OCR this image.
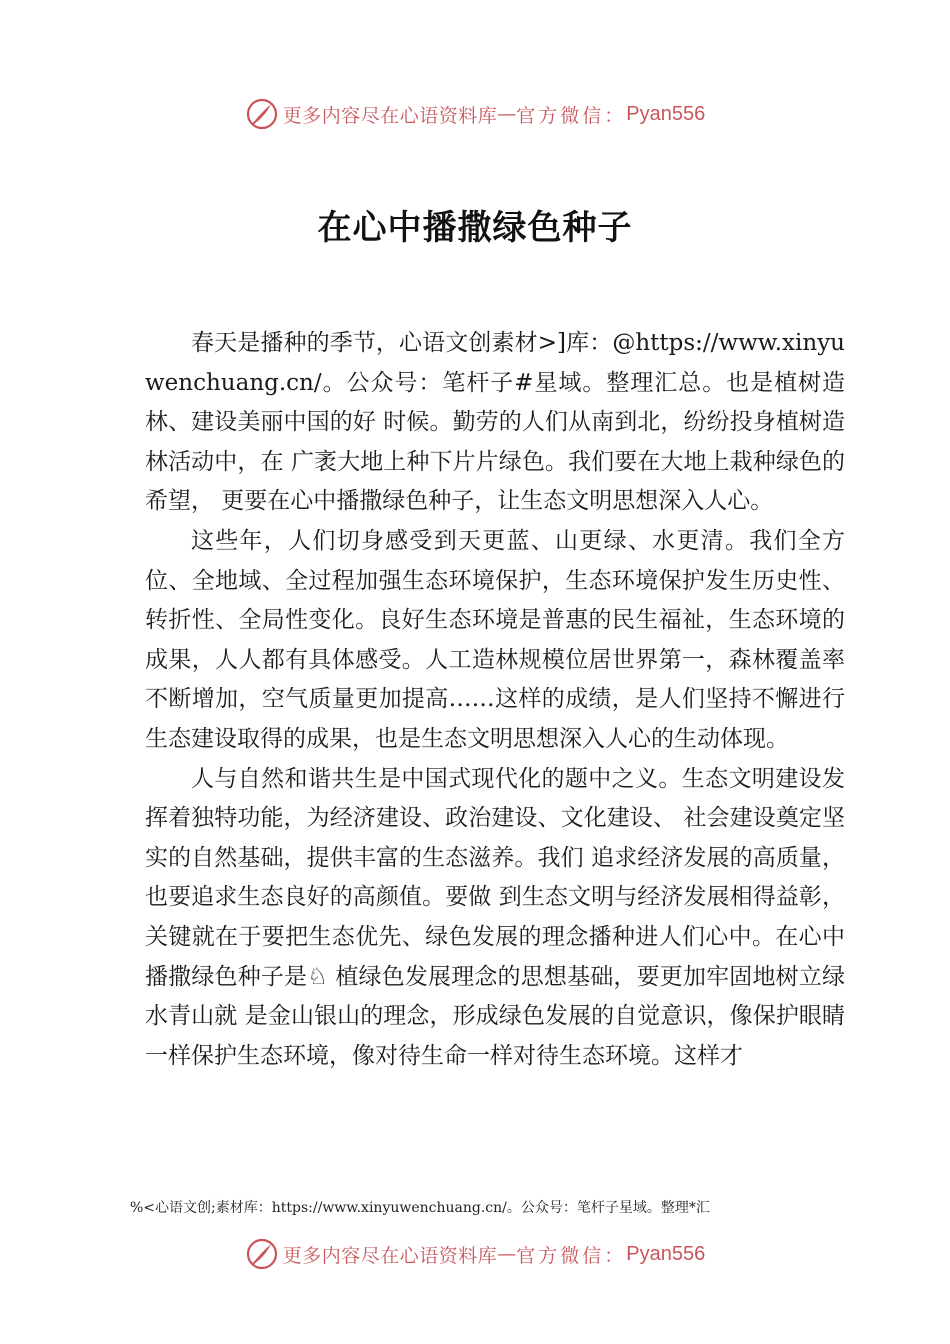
更多内容尽在心语资料库 — 官方微信： Pyan556
在心中播撒绿色种子

春天是播种的季节，心语文创素材>]库：@https://www.xinyuwenchuang.cn/。公众号：笔杆子#星域。整理汇总。也是植树造林、建设美丽中国的好 时候。勤劳的人们从南到北，纷纷投身植树造林活动中，在 广袤大地上种下片片绿色。我们要在大地上栽种绿色的希望， 更要在心中播撒绿色种子，让生态文明思想深入人心。

这些年，人们切身感受到天更蓝、山更绿、水更清。我们全方位、全地域、全过程加强生态环境保护，生态环境保护发生历史性、转折性、全局性变化。良好生态环境是普惠的民生福祉，生态环境的成果，人人都有具体感受。人工造林规模位居世界第一，森林覆盖率不断增加，空气质量更加提高……这样的成绩，是人们坚持不懈进行生态建设取得的成果，也是生态文明思想深入人心的生动体现。

人与自然和谐共生是中国式现代化的题中之义。生态文明建设发挥着独特功能，为经济建设、政治建设、文化建设、 社会建设奠定坚实的自然基础，提供丰富的生态滋养。我们 追求经济发展的高质量，也要追求生态良好的高颜值。要做 到生态文明与经济发展相得益彰，关键就在于要把生态优先、绿色发展的理念播种进人们心中。在心中播撒绿色种子是♘ 植绿色发展理念的思想基础，要更加牢固地树立绿水青山就 是金山银山的理念，形成绿色发展的自觉意识，像保护眼睛 一样保护生态环境，像对待生命一样对待生态环境。这样才

%<心语文创;素材库：https://www.xinyuwenchuang.cn/。公众号：笔杆子星域。整理*汇
更多内容尽在心语资料库 — 官方微信： Pyan556
